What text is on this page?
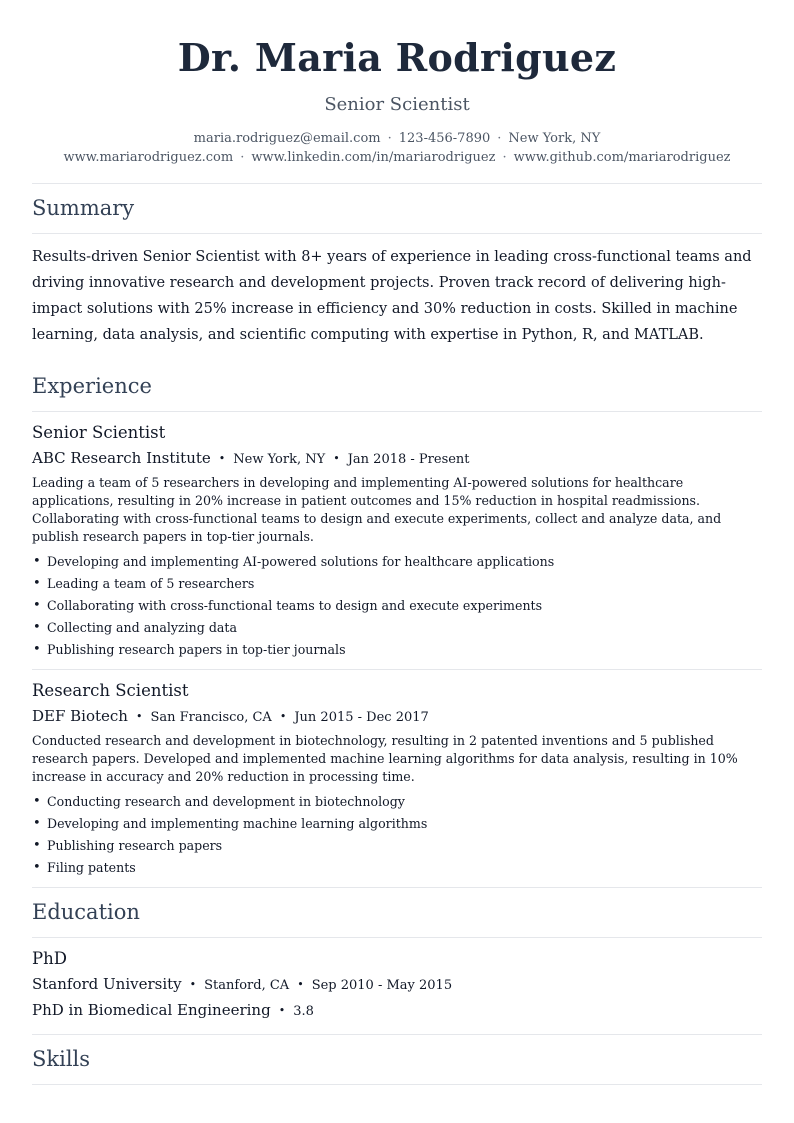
Dr. Maria Rodriguez
Senior Scientist
maria.rodriguez@email.com · 123-456-7890 · New York, NY
www.mariarodriguez.com · www.linkedin.com/in/mariarodriguez · www.github.com/mariarodriguez
Summary
Results-driven Senior Scientist with 8+ years of experience in leading cross-functional teams and driving innovative research and development projects. Proven track record of delivering high-impact solutions with 25% increase in efficiency and 30% reduction in costs. Skilled in machine learning, data analysis, and scientific computing with expertise in Python, R, and MATLAB.
Experience
Senior Scientist
ABC Research Institute • New York, NY • Jan 2018 - Present
Leading a team of 5 researchers in developing and implementing AI-powered solutions for healthcare applications, resulting in 20% increase in patient outcomes and 15% reduction in hospital readmissions. Collaborating with cross-functional teams to design and execute experiments, collect and analyze data, and publish research papers in top-tier journals.
• Developing and implementing AI-powered solutions for healthcare applications
• Leading a team of 5 researchers
• Collaborating with cross-functional teams to design and execute experiments
• Collecting and analyzing data
• Publishing research papers in top-tier journals
Research Scientist
DEF Biotech • San Francisco, CA • Jun 2015 - Dec 2017
Conducted research and development in biotechnology, resulting in 2 patented inventions and 5 published research papers. Developed and implemented machine learning algorithms for data analysis, resulting in 10% increase in accuracy and 20% reduction in processing time.
• Conducting research and development in biotechnology
• Developing and implementing machine learning algorithms
• Publishing research papers
• Filing patents
Education
PhD
Stanford University • Stanford, CA • Sep 2010 - May 2015
PhD in Biomedical Engineering • 3.8
Skills
